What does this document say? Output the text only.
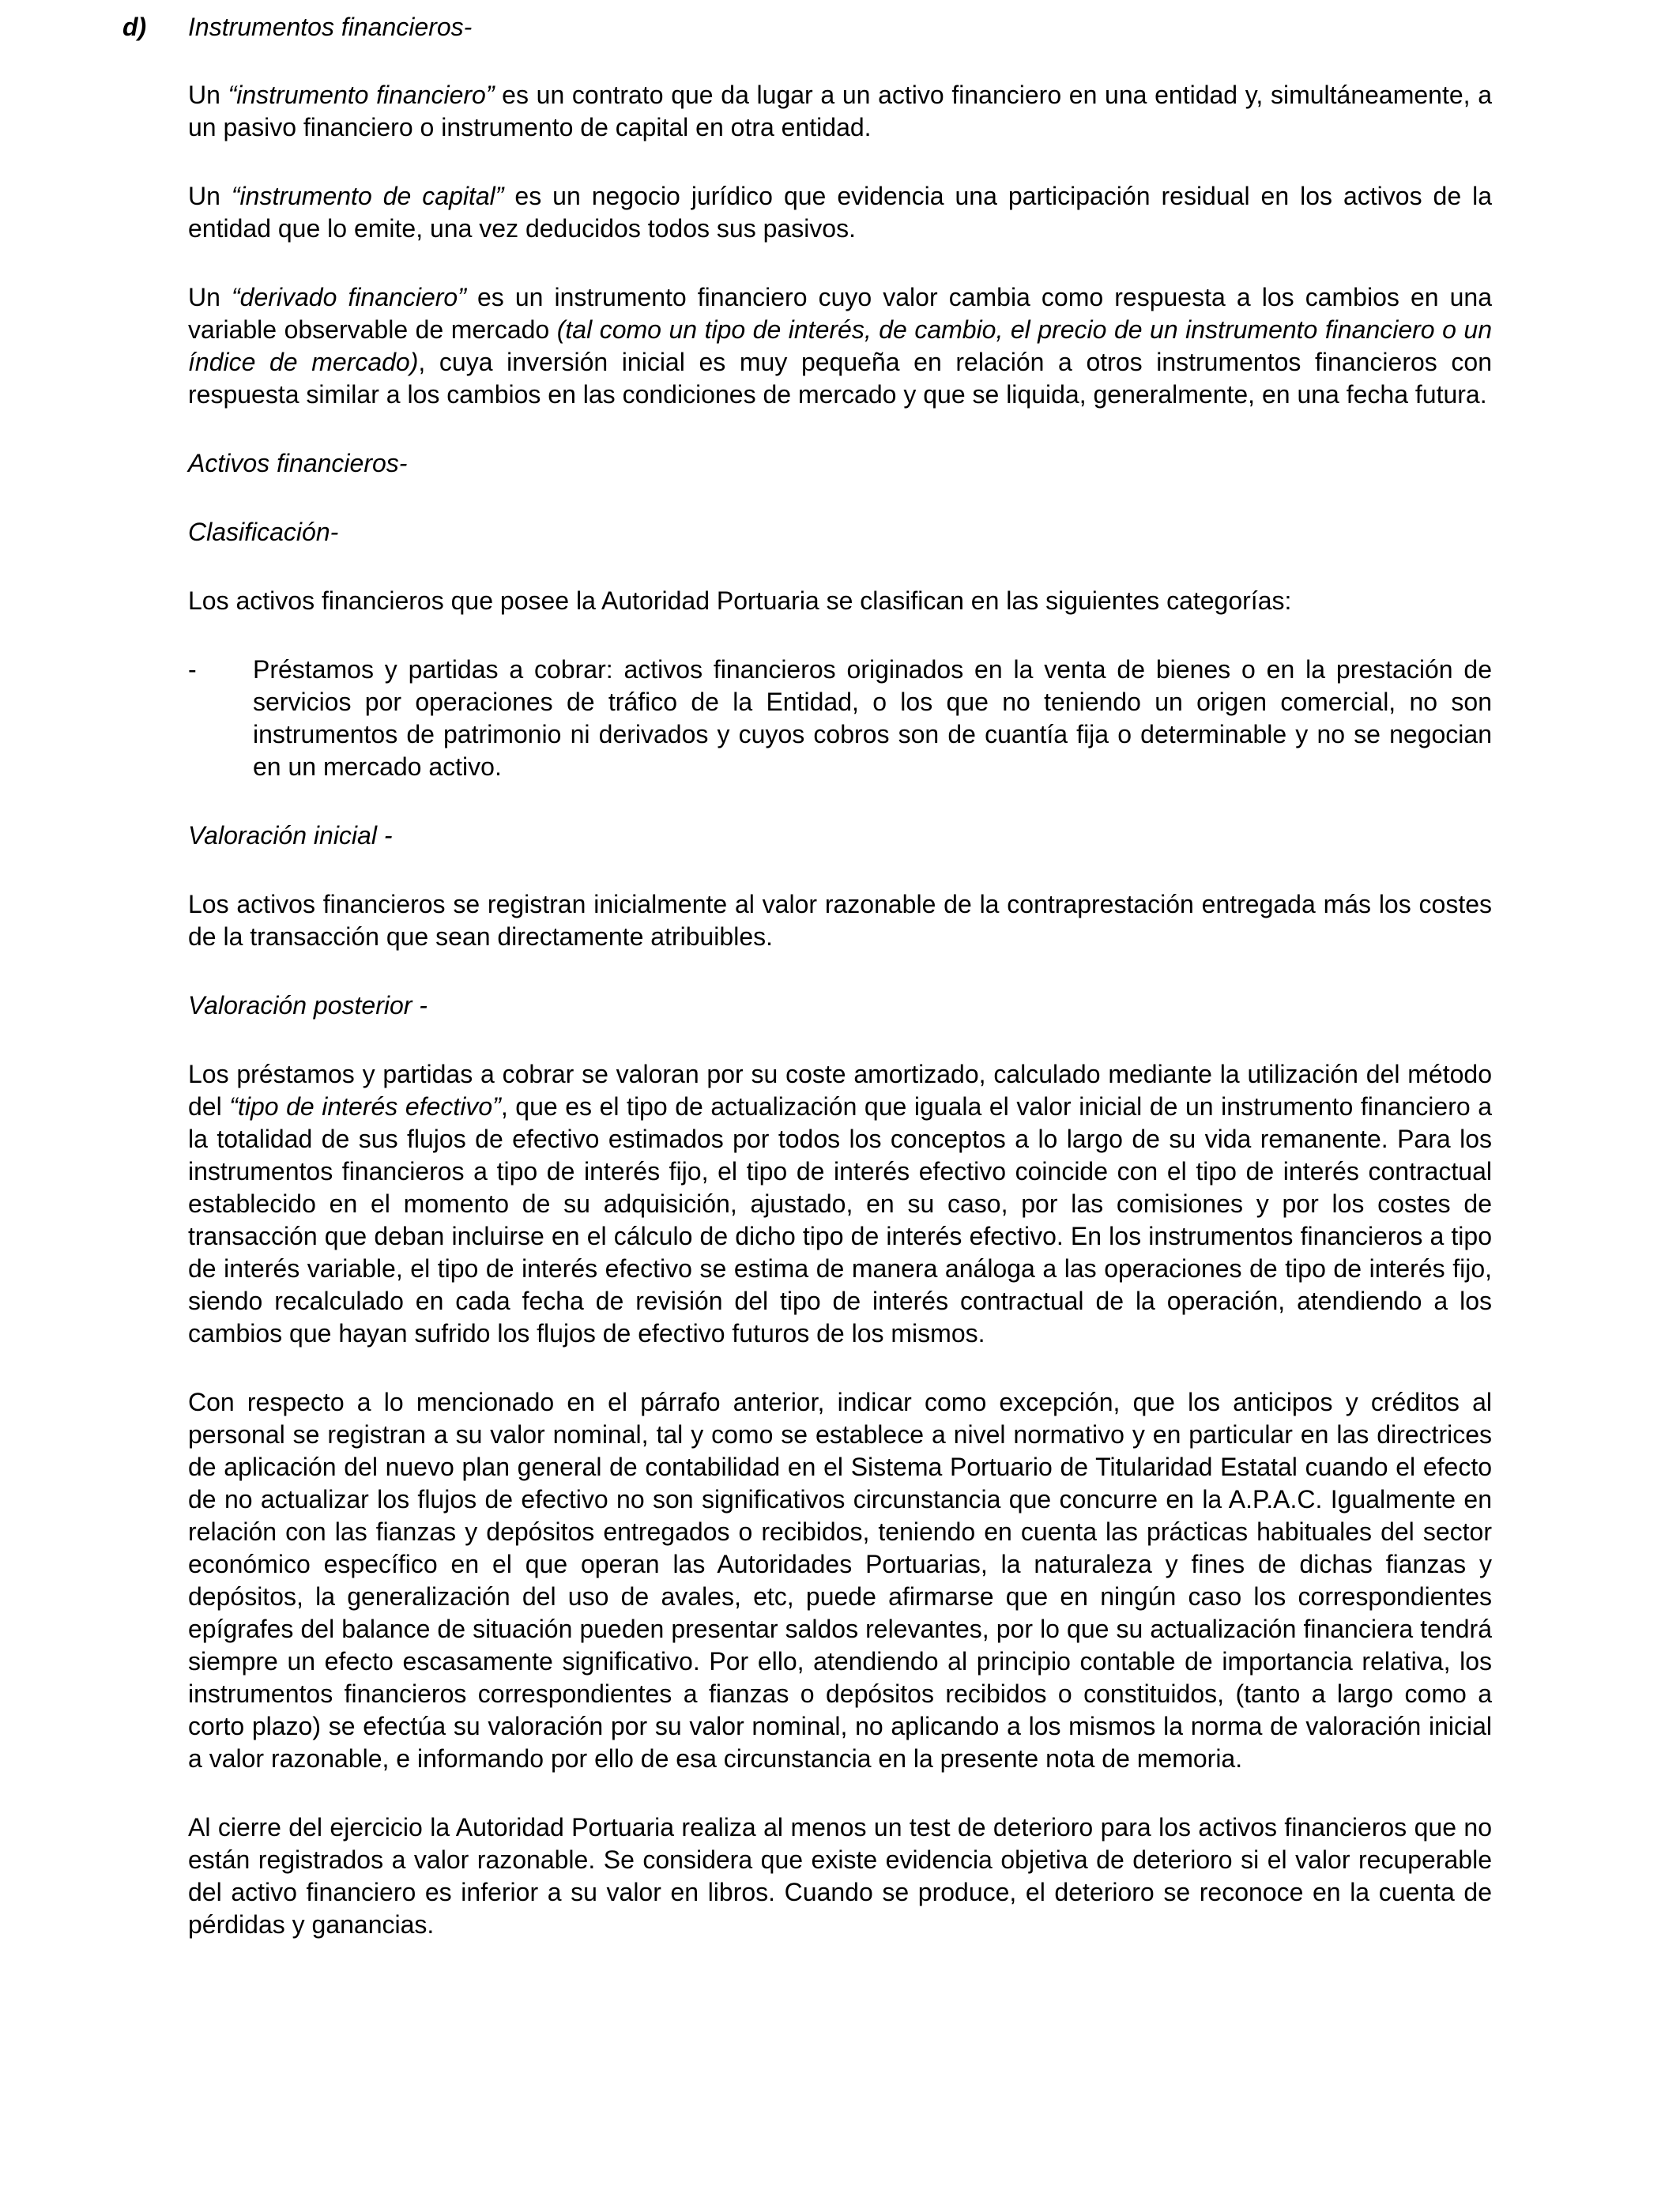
d) Instrumentos financieros-

Un “instrumento financiero” es un contrato que da lugar a un activo financiero en una entidad y, simultáneamente, a un pasivo financiero o instrumento de capital en otra entidad.

Un “instrumento de capital” es un negocio jurídico que evidencia una participación residual en los activos de la entidad que lo emite, una vez deducidos todos sus pasivos.

Un “derivado financiero” es un instrumento financiero cuyo valor cambia como respuesta a los cambios en una variable observable de mercado (tal como un tipo de interés, de cambio, el precio de un instrumento financiero o un índice de mercado), cuya inversión inicial es muy pequeña en relación a otros instrumentos financieros con respuesta similar a los cambios en las condiciones de mercado y que se liquida, generalmente, en una fecha futura.

Activos financieros-

Clasificación-

Los activos financieros que posee la Autoridad Portuaria se clasifican en las siguientes categorías:

- Préstamos y partidas a cobrar: activos financieros originados en la venta de bienes o en la prestación de servicios por operaciones de tráfico de la Entidad, o los que no teniendo un origen comercial, no son instrumentos de patrimonio ni derivados y cuyos cobros son de cuantía fija o determinable y no se negocian en un mercado activo.

Valoración inicial -

Los activos financieros se registran inicialmente al valor razonable de la contraprestación entregada más los costes de la transacción que sean directamente atribuibles.

Valoración posterior -

Los préstamos y partidas a cobrar se valoran por su coste amortizado, calculado mediante la utilización del método del “tipo de interés efectivo”, que es el tipo de actualización que iguala el valor inicial de un instrumento financiero a la totalidad de sus flujos de efectivo estimados por todos los conceptos a lo largo de su vida remanente. Para los instrumentos financieros a tipo de interés fijo, el tipo de interés efectivo coincide con el tipo de interés contractual establecido en el momento de su adquisición, ajustado, en su caso, por las comisiones y por los costes de transacción que deban incluirse en el cálculo de dicho tipo de interés efectivo. En los instrumentos financieros a tipo de interés variable, el tipo de interés efectivo se estima de manera análoga a las operaciones de tipo de interés fijo, siendo recalculado en cada fecha de revisión del tipo de interés contractual de la operación, atendiendo a los cambios que hayan sufrido los flujos de efectivo futuros de los mismos.

Con respecto a lo mencionado en el párrafo anterior, indicar como excepción, que los anticipos y créditos al personal se registran a su valor nominal, tal y como se establece a nivel normativo y en particular en las directrices de aplicación del nuevo plan general de contabilidad en el Sistema Portuario de Titularidad Estatal cuando el efecto de no actualizar los flujos de efectivo no son significativos circunstancia que concurre en la A.P.A.C. Igualmente en relación con las fianzas y depósitos entregados o recibidos, teniendo en cuenta las prácticas habituales del sector económico específico en el que operan las Autoridades Portuarias, la naturaleza y fines de dichas fianzas y depósitos, la generalización del uso de avales, etc, puede afirmarse que en ningún caso los correspondientes epígrafes del balance de situación pueden presentar saldos relevantes, por lo que su actualización financiera tendrá siempre un efecto escasamente significativo. Por ello, atendiendo al principio contable de importancia relativa, los instrumentos financieros correspondientes a fianzas o depósitos recibidos o constituidos, (tanto a largo como a corto plazo) se efectúa su valoración por su valor nominal, no aplicando a los mismos la norma de valoración inicial a valor razonable, e informando por ello de esa circunstancia en la presente nota de memoria.

Al cierre del ejercicio la Autoridad Portuaria realiza al menos un test de deterioro para los activos financieros que no están registrados a valor razonable. Se considera que existe evidencia objetiva de deterioro si el valor recuperable del activo financiero es inferior a su valor en libros. Cuando se produce, el deterioro se reconoce en la cuenta de pérdidas y ganancias.
